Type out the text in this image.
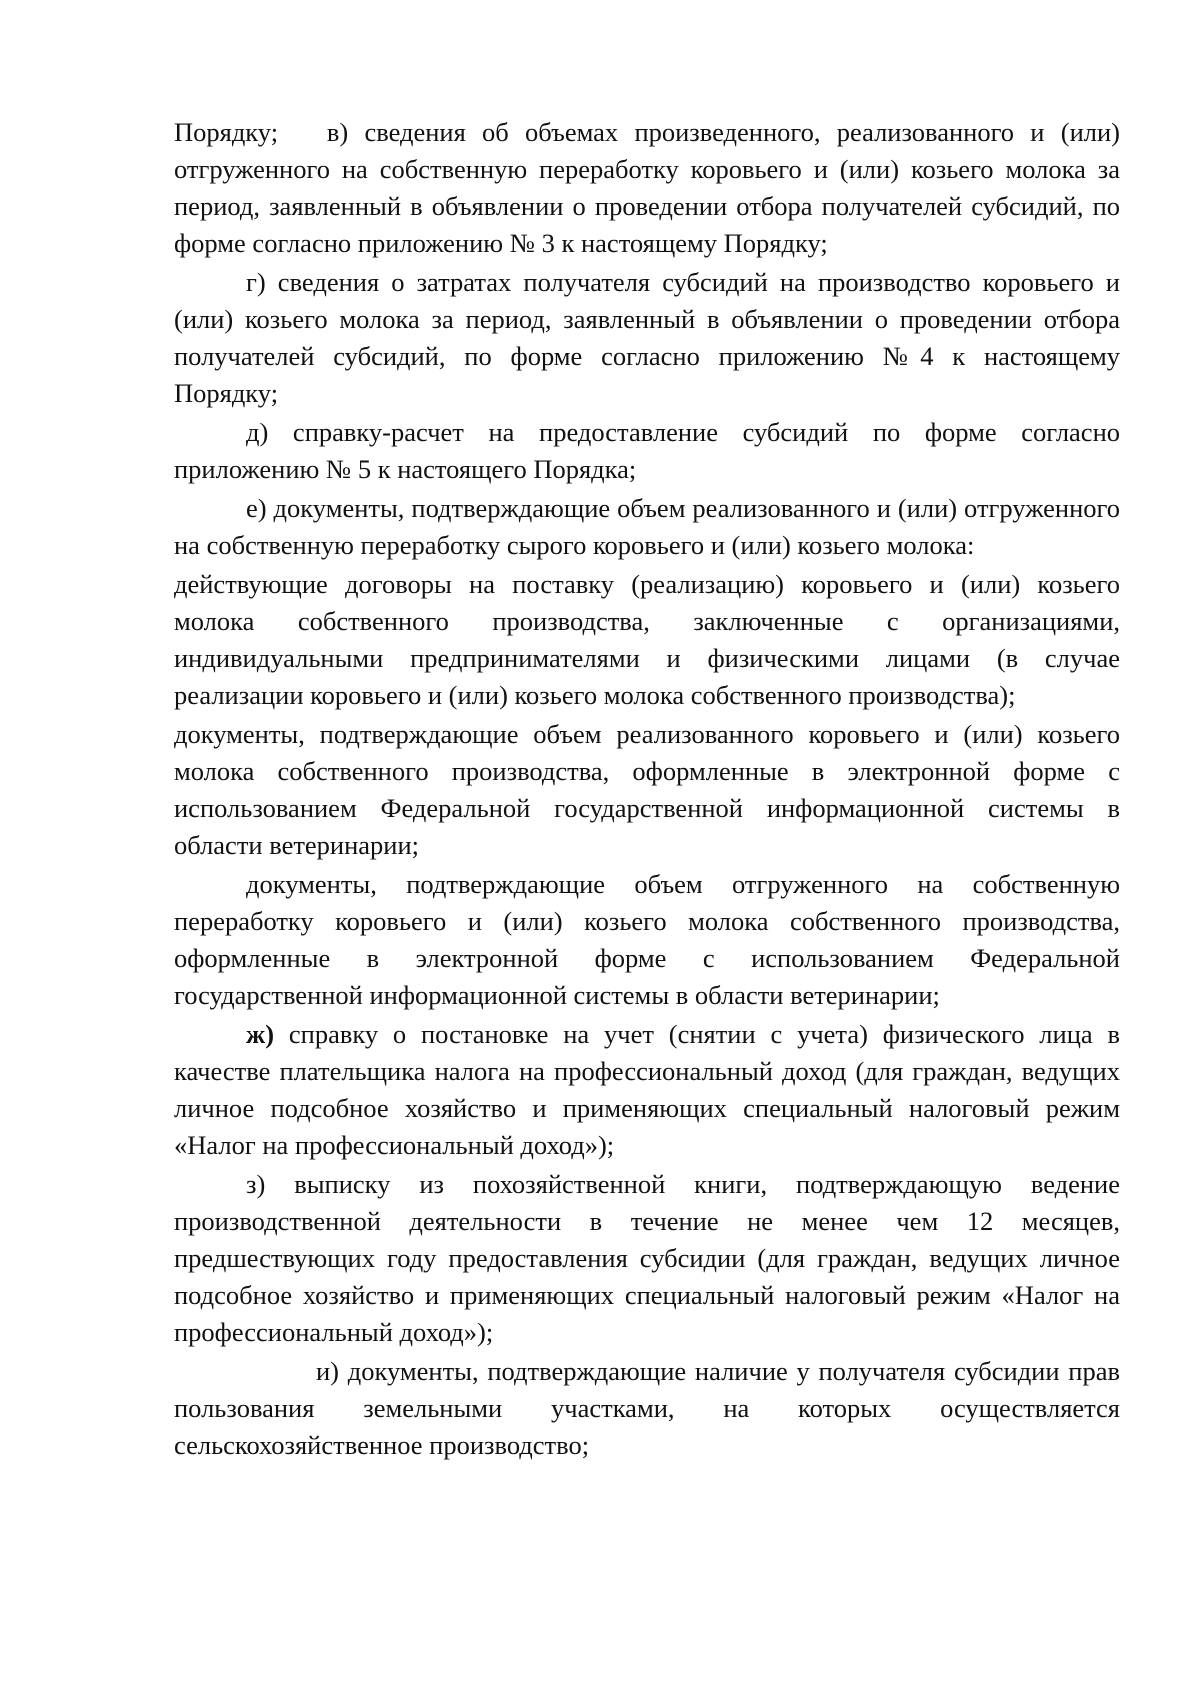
Порядку;   в) сведения об объемах произведенного, реализованного и (или) отгруженного на собственную переработку коровьего и (или) козьего молока за период, заявленный в объявлении о проведении отбора получателей субсидий, по форме согласно приложению № 3 к настоящему Порядку;

г) сведения о затратах получателя субсидий на производство коровьего и (или) козьего молока за период, заявленный в объявлении о проведении отбора получателей субсидий, по форме согласно приложению №4 к настоящему Порядку;

д) справку-расчет на предоставление субсидий по форме согласно приложению № 5 к настоящего Порядка;

е) документы, подтверждающие объем реализованного и (или) отгруженного на собственную переработку сырого коровьего и (или) козьего молока:

действующие договоры на поставку (реализацию) коровьего и (или) козьего молока собственного производства, заключенные с организациями, индивидуальными предпринимателями и физическими лицами (в случае реализации коровьего и (или) козьего молока собственного производства);

документы, подтверждающие объем реализованного коровьего и (или) козьего молока собственного производства, оформленные в электронной форме с использованием Федеральной государственной информационной системы в области ветеринарии;

документы, подтверждающие объем отгруженного на собственную переработку коровьего и (или) козьего молока собственного производства, оформленные в электронной форме с использованием Федеральной государственной информационной системы в области ветеринарии;

ж) справку о постановке на учет (снятии с учета) физического лица в качестве плательщика налога на профессиональный доход (для граждан, ведущих личное подсобное хозяйство и применяющих специальный налоговый режим «Налог на профессиональный доход»);

з) выписку из похозяйственной книги, подтверждающую ведение производственной деятельности в течение не менее чем 12 месяцев, предшествующих году предоставления субсидии (для граждан, ведущих личное подсобное хозяйство и применяющих специальный налоговый режим «Налог на профессиональный доход»);

и) документы, подтверждающие наличие у получателя субсидии прав пользования земельными участками, на которых осуществляется сельскохозяйственное производство;
